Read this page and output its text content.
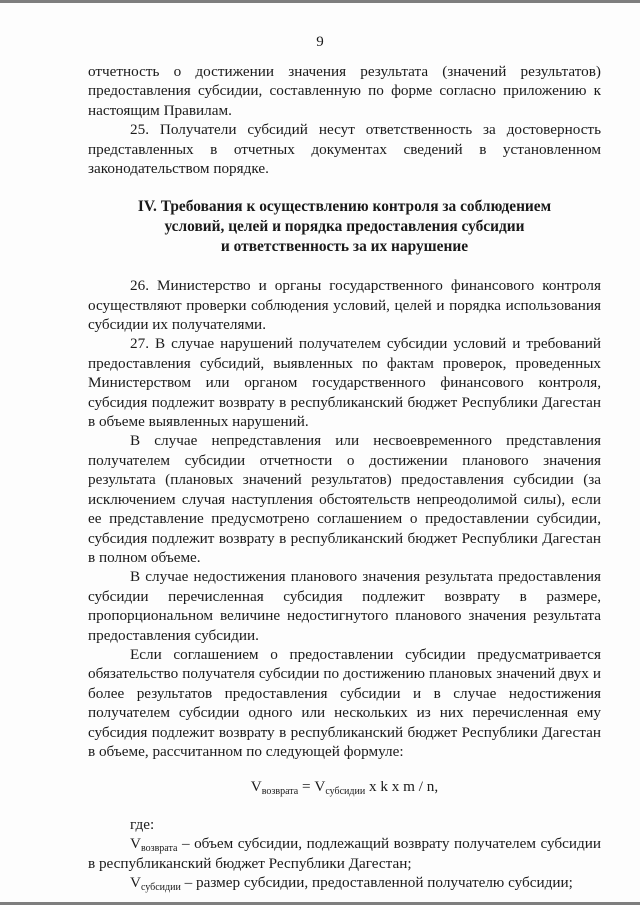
9

отчетность о достижении значения результата (значений результатов) предоставления субсидии, составленную по форме согласно приложению к настоящим Правилам.

25. Получатели субсидий несут ответственность за достоверность представленных в отчетных документах сведений в установленном законодательством порядке.

IV. Требования к осуществлению контроля за соблюдением
условий, целей и порядка предоставления субсидии
и ответственность за их нарушение

26. Министерство и органы государственного финансового контроля осуществляют проверки соблюдения условий, целей и порядка использования субсидии их получателями.

27. В случае нарушений получателем субсидии условий и требований предоставления субсидий, выявленных по фактам проверок, проведенных Министерством или органом государственного финансового контроля, субсидия подлежит возврату в республиканский бюджет Республики Дагестан в объеме выявленных нарушений.

В случае непредставления или несвоевременного представления получателем субсидии отчетности о достижении планового значения результата (плановых значений результатов) предоставления субсидии (за исключением случая наступления обстоятельств непреодолимой силы), если ее представление предусмотрено соглашением о предоставлении субсидии, субсидия подлежит возврату в республиканский бюджет Республики Дагестан в полном объеме.

В случае недостижения планового значения результата предоставления субсидии перечисленная субсидия подлежит возврату в размере, пропорциональном величине недостигнутого планового значения результата предоставления субсидии.

Если соглашением о предоставлении субсидии предусматривается обязательство получателя субсидии по достижению плановых значений двух и более результатов предоставления субсидии и в случае недостижения получателем субсидии одного или нескольких из них перечисленная ему субсидия подлежит возврату в республиканский бюджет Республики Дагестан в объеме, рассчитанном по следующей формуле:

$V_{возврата} = V_{субсидии}$ x k x m / n,

где:

$V_{возврата}$ – объем субсидии, подлежащий возврату получателем субсидии в республиканский бюджет Республики Дагестан;

$V_{субсидии}$ – размер субсидии, предоставленной получателю субсидии;
